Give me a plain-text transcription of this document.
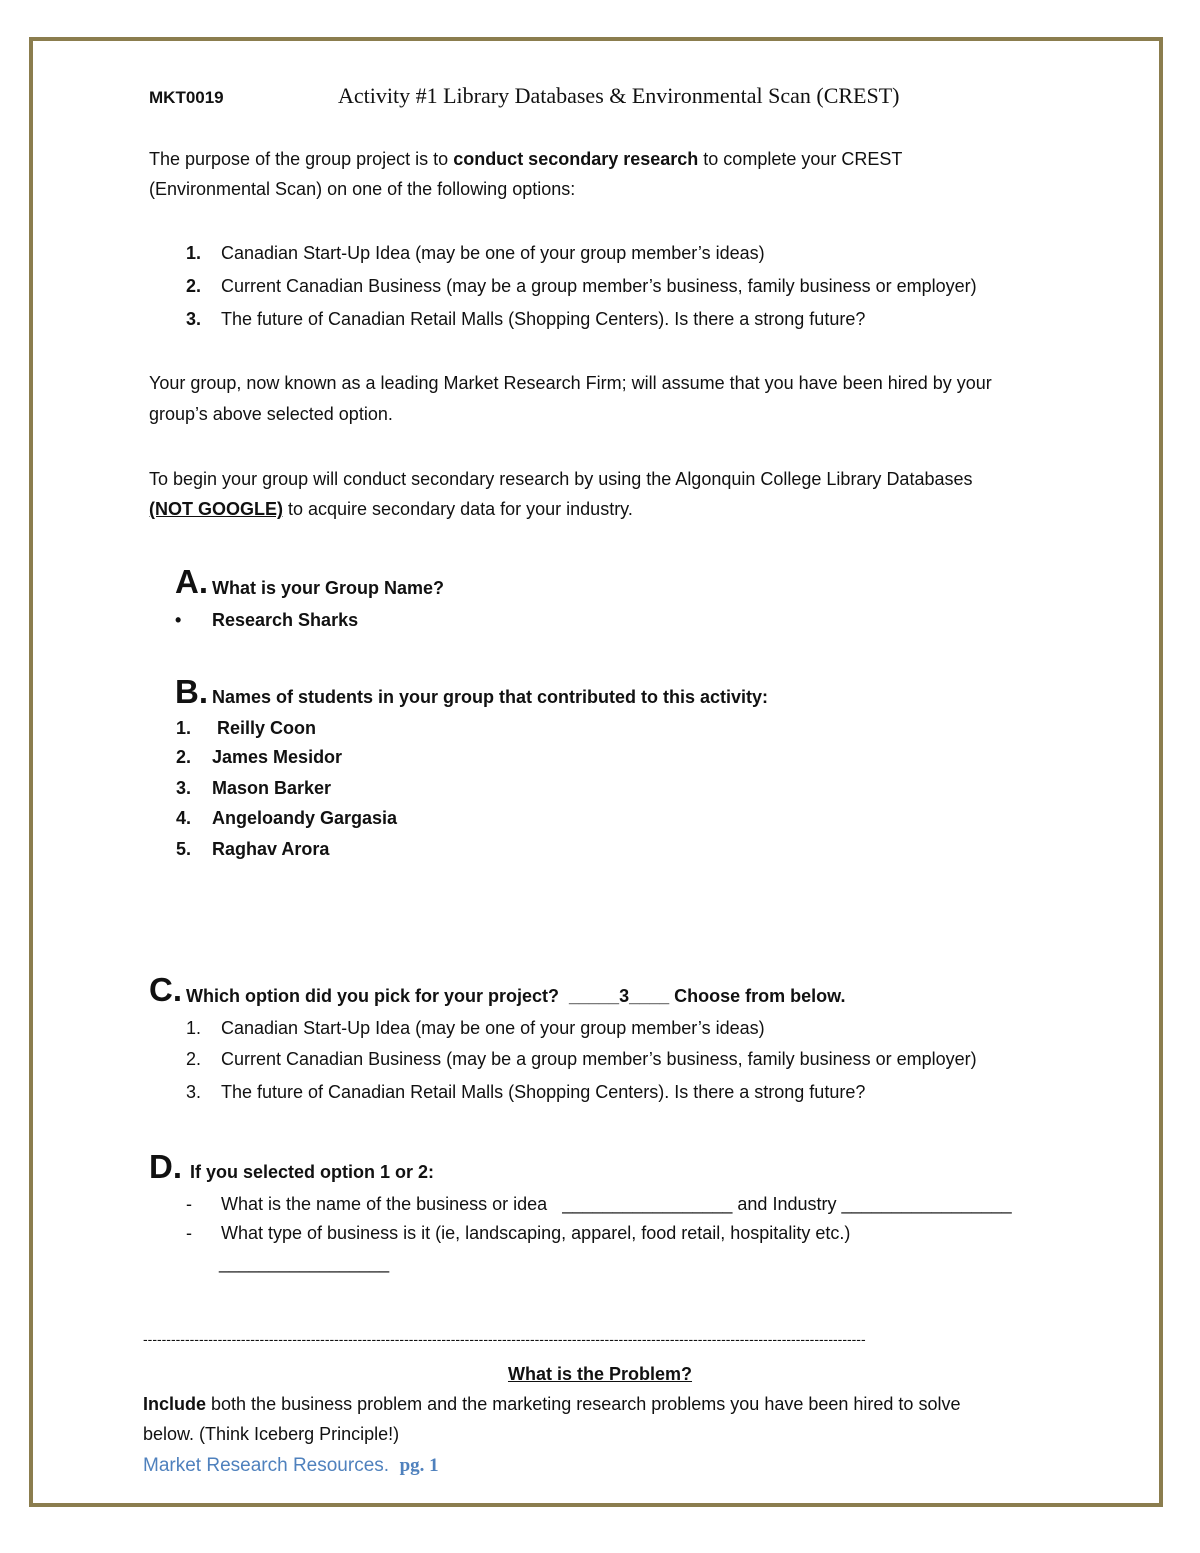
MKT0019	Activity #1 Library Databases & Environmental Scan (CREST)
The purpose of the group project is to conduct secondary research to complete your CREST
(Environmental Scan) on one of the following options:
1. Canadian Start-Up Idea (may be one of your group member’s ideas)
2. Current Canadian Business (may be a group member’s business, family business or employer)
3. The future of Canadian Retail Malls (Shopping Centers). Is there a strong future?
Your group, now known as a leading Market Research Firm; will assume that you have been hired by your
group’s above selected option.
To begin your group will conduct secondary research by using the Algonquin College Library Databases
(NOT GOOGLE) to acquire secondary data for your industry.
A. What is your Group Name?
• Research Sharks
B. Names of students in your group that contributed to this activity:
1. Reilly Coon
2. James Mesidor
3. Mason Barker
4. Angeloandy Gargasia
5. Raghav Arora
C. Which option did you pick for your project? _____3____ Choose from below.
1. Canadian Start-Up Idea (may be one of your group member’s ideas)
2. Current Canadian Business (may be a group member’s business, family business or employer)
3. The future of Canadian Retail Malls (Shopping Centers). Is there a strong future?
D. If you selected option 1 or 2:
- What is the name of the business or idea _________________ and Industry _________________
- What type of business is it (ie, landscaping, apparel, food retail, hospitality etc.)
_________________
-----------------------------------------------------------------------------------------------------------------------------------------------------------
What is the Problem?
Include both the business problem and the marketing research problems you have been hired to solve
below. (Think Iceberg Principle!)
Market Research Resources. pg. 1
